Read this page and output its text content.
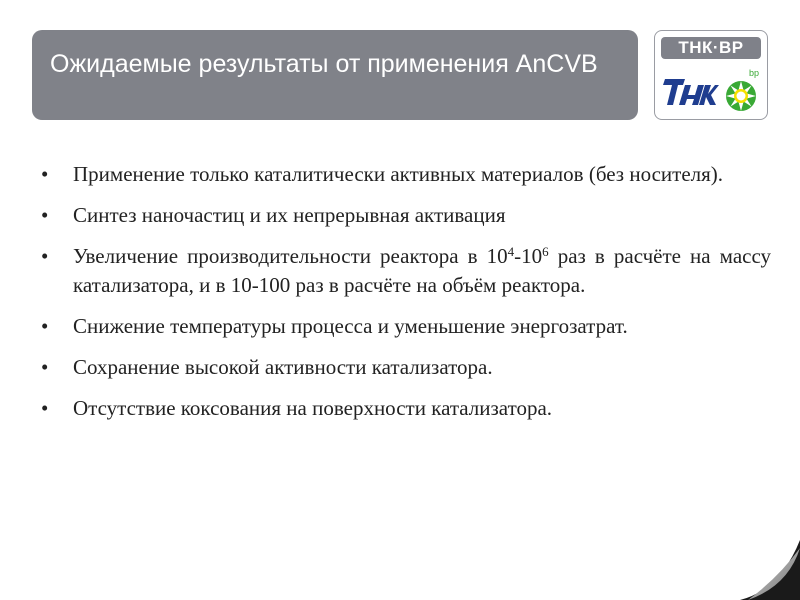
Ожидаемые результаты от применения AnCVB
ТНК·ВР
bp
• Применение только каталитически активных материалов (без носителя).
• Синтез наночастиц и их непрерывная активация
• Увеличение производительности реактора в $10^4-10^6$ раз в расчёте на массу катализатора, и в 10-100 раз в расчёте на объём реактора.
• Снижение температуры процесса и уменьшение энергозатрат.
• Сохранение высокой активности катализатора.
• Отсутствие коксования на поверхности катализатора.
